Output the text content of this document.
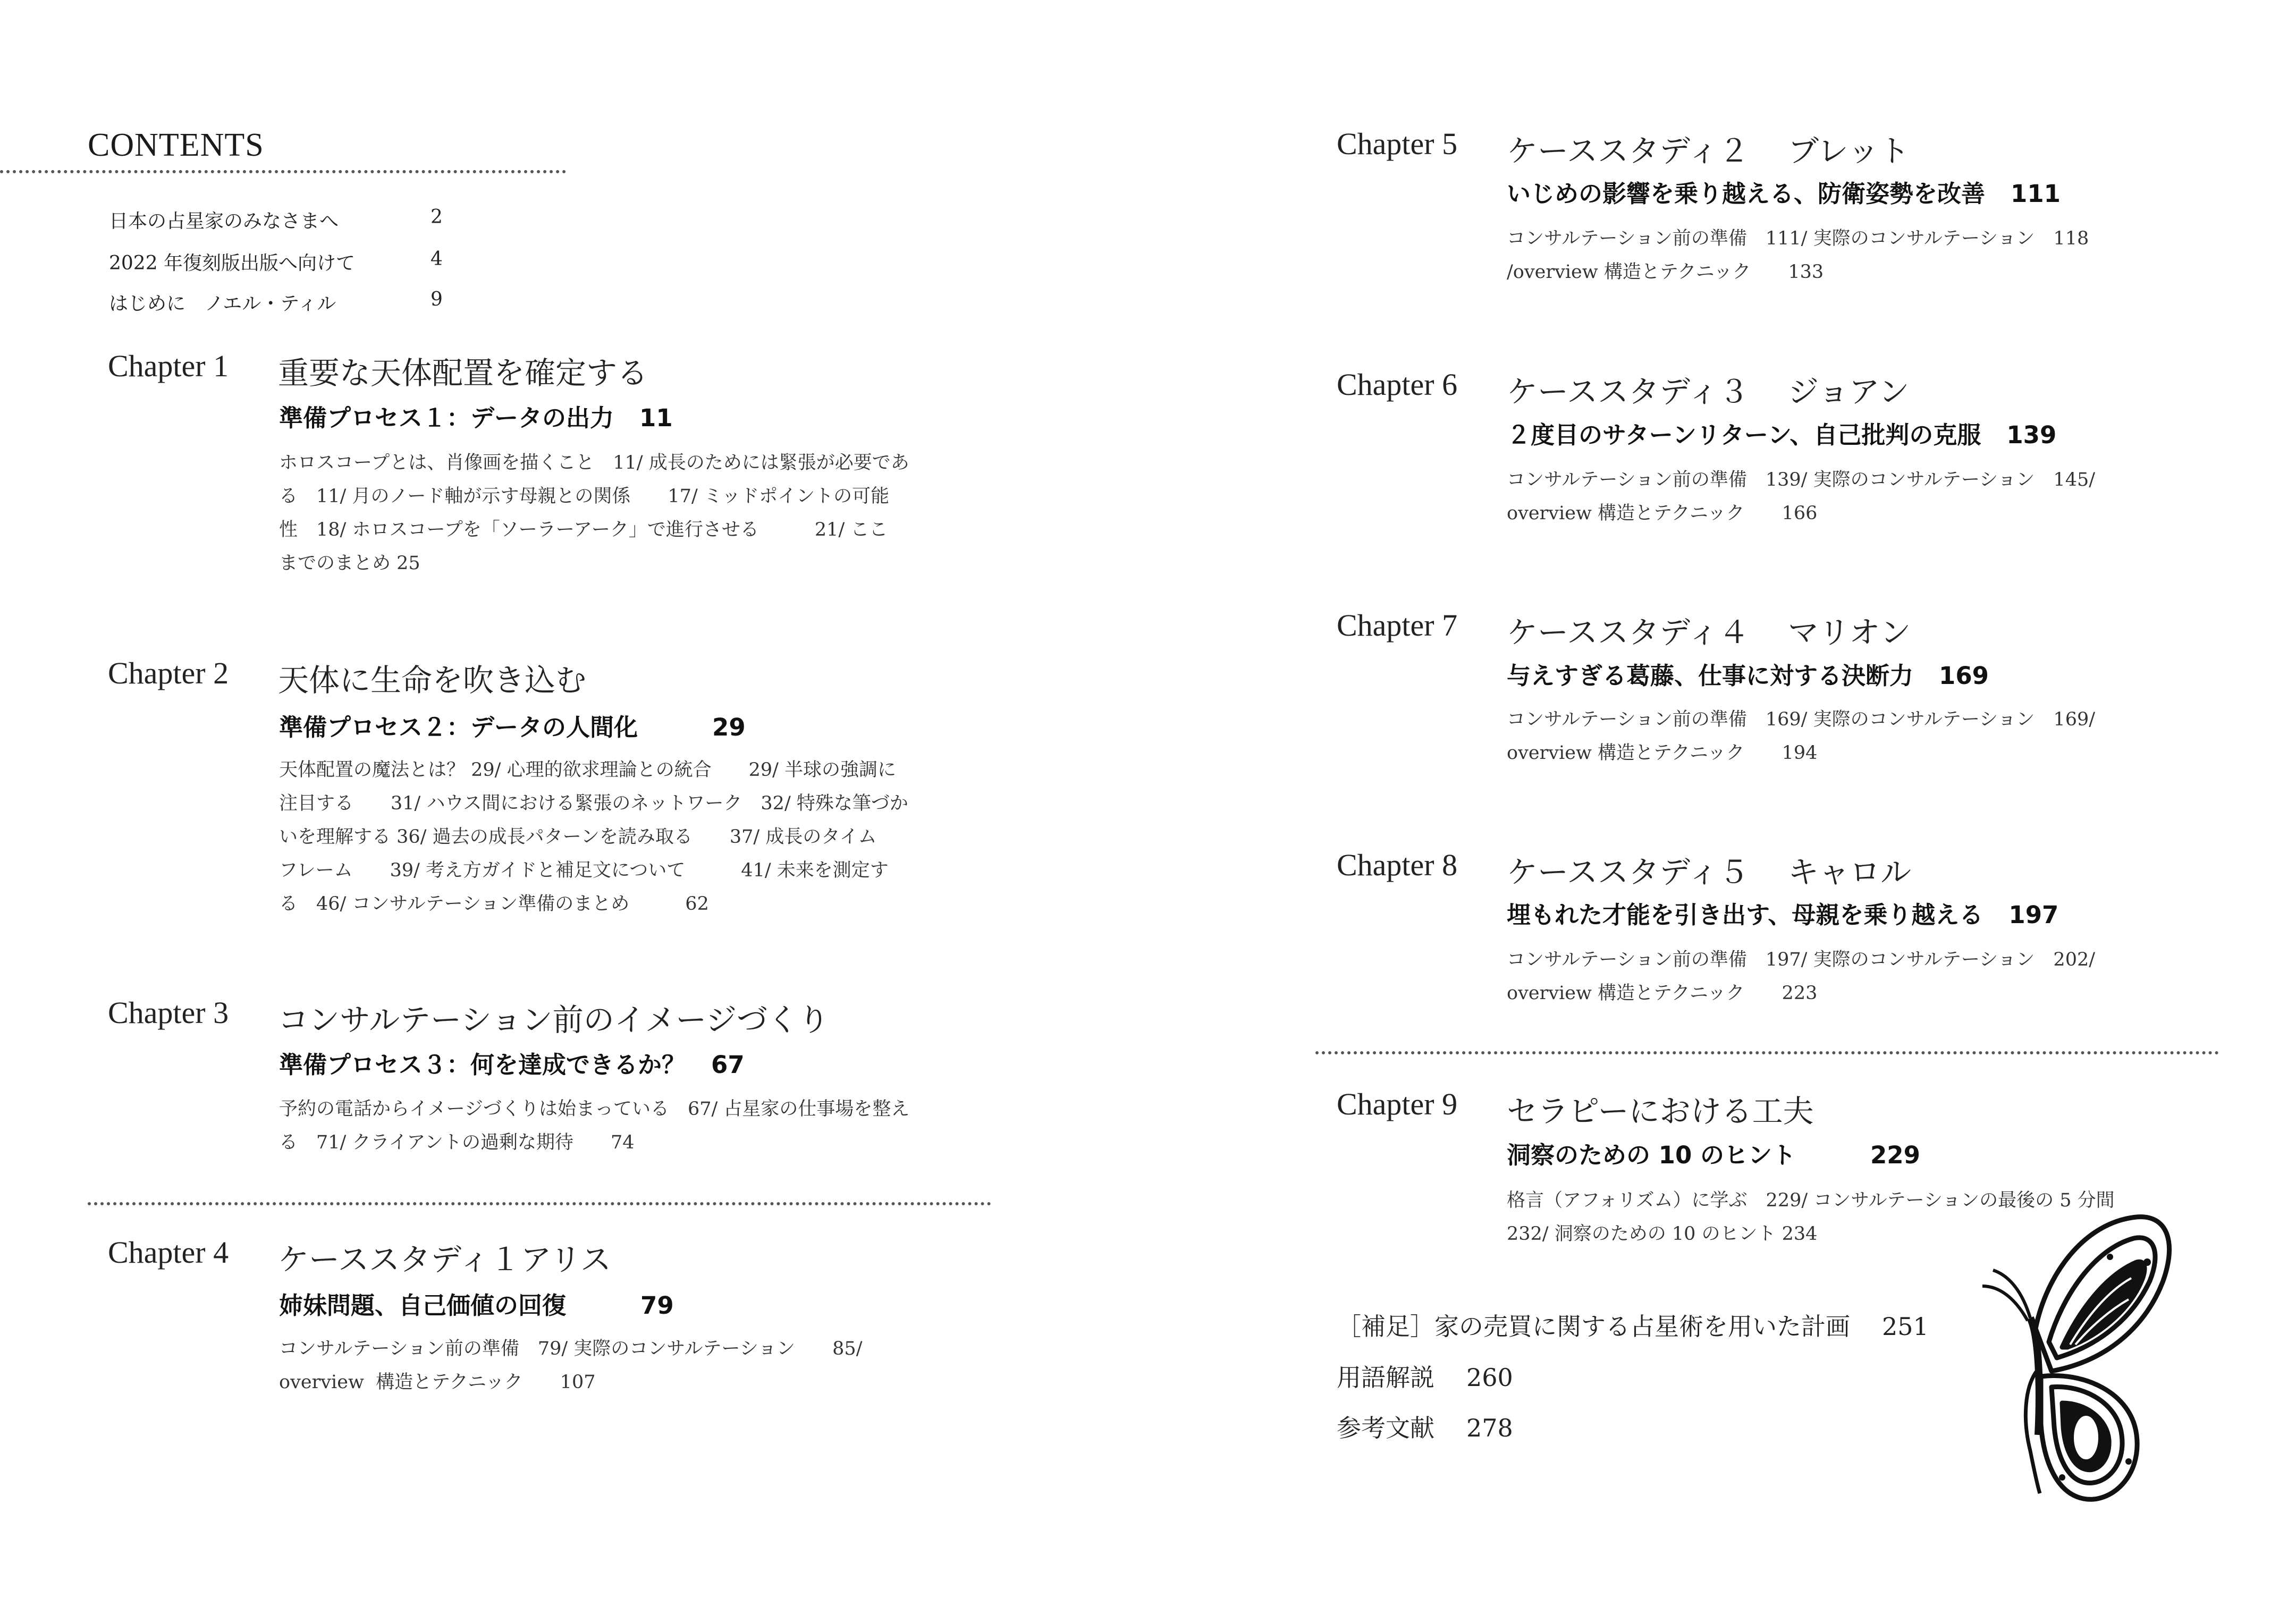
CONTENTS
日本の占星家のみなさまへ	2
2022 年復刻版出版へ向けて	4
はじめに　ノエル・ティル	9
Chapter 1 重要な天体配置を確定する
準備プロセス１：データの出力 11
ホロスコープとは、肖像画を描くこと　11/ 成長のためには緊張が必要であ
る　11/ 月のノード軸が示す母親との関係　　17/ ミッドポイントの可能
性　18/ ホロスコープを「ソーラーアーク」で進行させる　　　21/ ここ
までのまとめ 25
Chapter 2 天体に生命を吹き込む
準備プロセス２：データの人間化	29
天体配置の魔法とは？ 29/ 心理的欲求理論との統合　　29/ 半球の強調に
注目する　　31/ ハウス間における緊張のネットワーク　32/ 特殊な筆づか
いを理解する 36/ 過去の成長パターンを読み取る　　37/ 成長のタイム
フレーム　　39/ 考え方ガイドと補足文について　　　41/ 未来を測定す
る　46/ コンサルテーション準備のまとめ　　　62
Chapter 3 コンサルテーション前のイメージづくり
準備プロセス３：何を達成できるか？ 67
予約の電話からイメージづくりは始まっている　67/ 占星家の仕事場を整え
る　71/ クライアントの過剰な期待　　74
Chapter 4 ケーススタディ１アリス
姉妹問題、自己価値の回復	79
コンサルテーション前の準備　79/ 実際のコンサルテーション　　85/
overview  構造とテクニック　　107
Chapter 5 ケーススタディ２　 ブレット
いじめの影響を乗り越える、防衛姿勢を改善 111
コンサルテーション前の準備　111/ 実際のコンサルテーション　118
/overview 構造とテクニック　　133
Chapter 6 ケーススタディ３　 ジョアン
２度目のサターンリターン、自己批判の克服 139
コンサルテーション前の準備　139/ 実際のコンサルテーション　145/
overview 構造とテクニック　　166
Chapter 7 ケーススタディ４　 マリオン
与えすぎる葛藤、仕事に対する決断力 169
コンサルテーション前の準備　169/ 実際のコンサルテーション　169/
overview 構造とテクニック　　194
Chapter 8 ケーススタディ５　 キャロル
埋もれた才能を引き出す、母親を乗り越える 197
コンサルテーション前の準備　197/ 実際のコンサルテーション　202/
overview 構造とテクニック　　223
Chapter 9 セラピーにおける工夫
洞察のための 10 のヒント	229
格言（アフォリズム）に学ぶ　229/ コンサルテーションの最後の 5 分間
232/ 洞察のための 10 のヒント 234
［補足］家の売買に関する占星術を用いた計画 251
用語解説 260
参考文献 278
